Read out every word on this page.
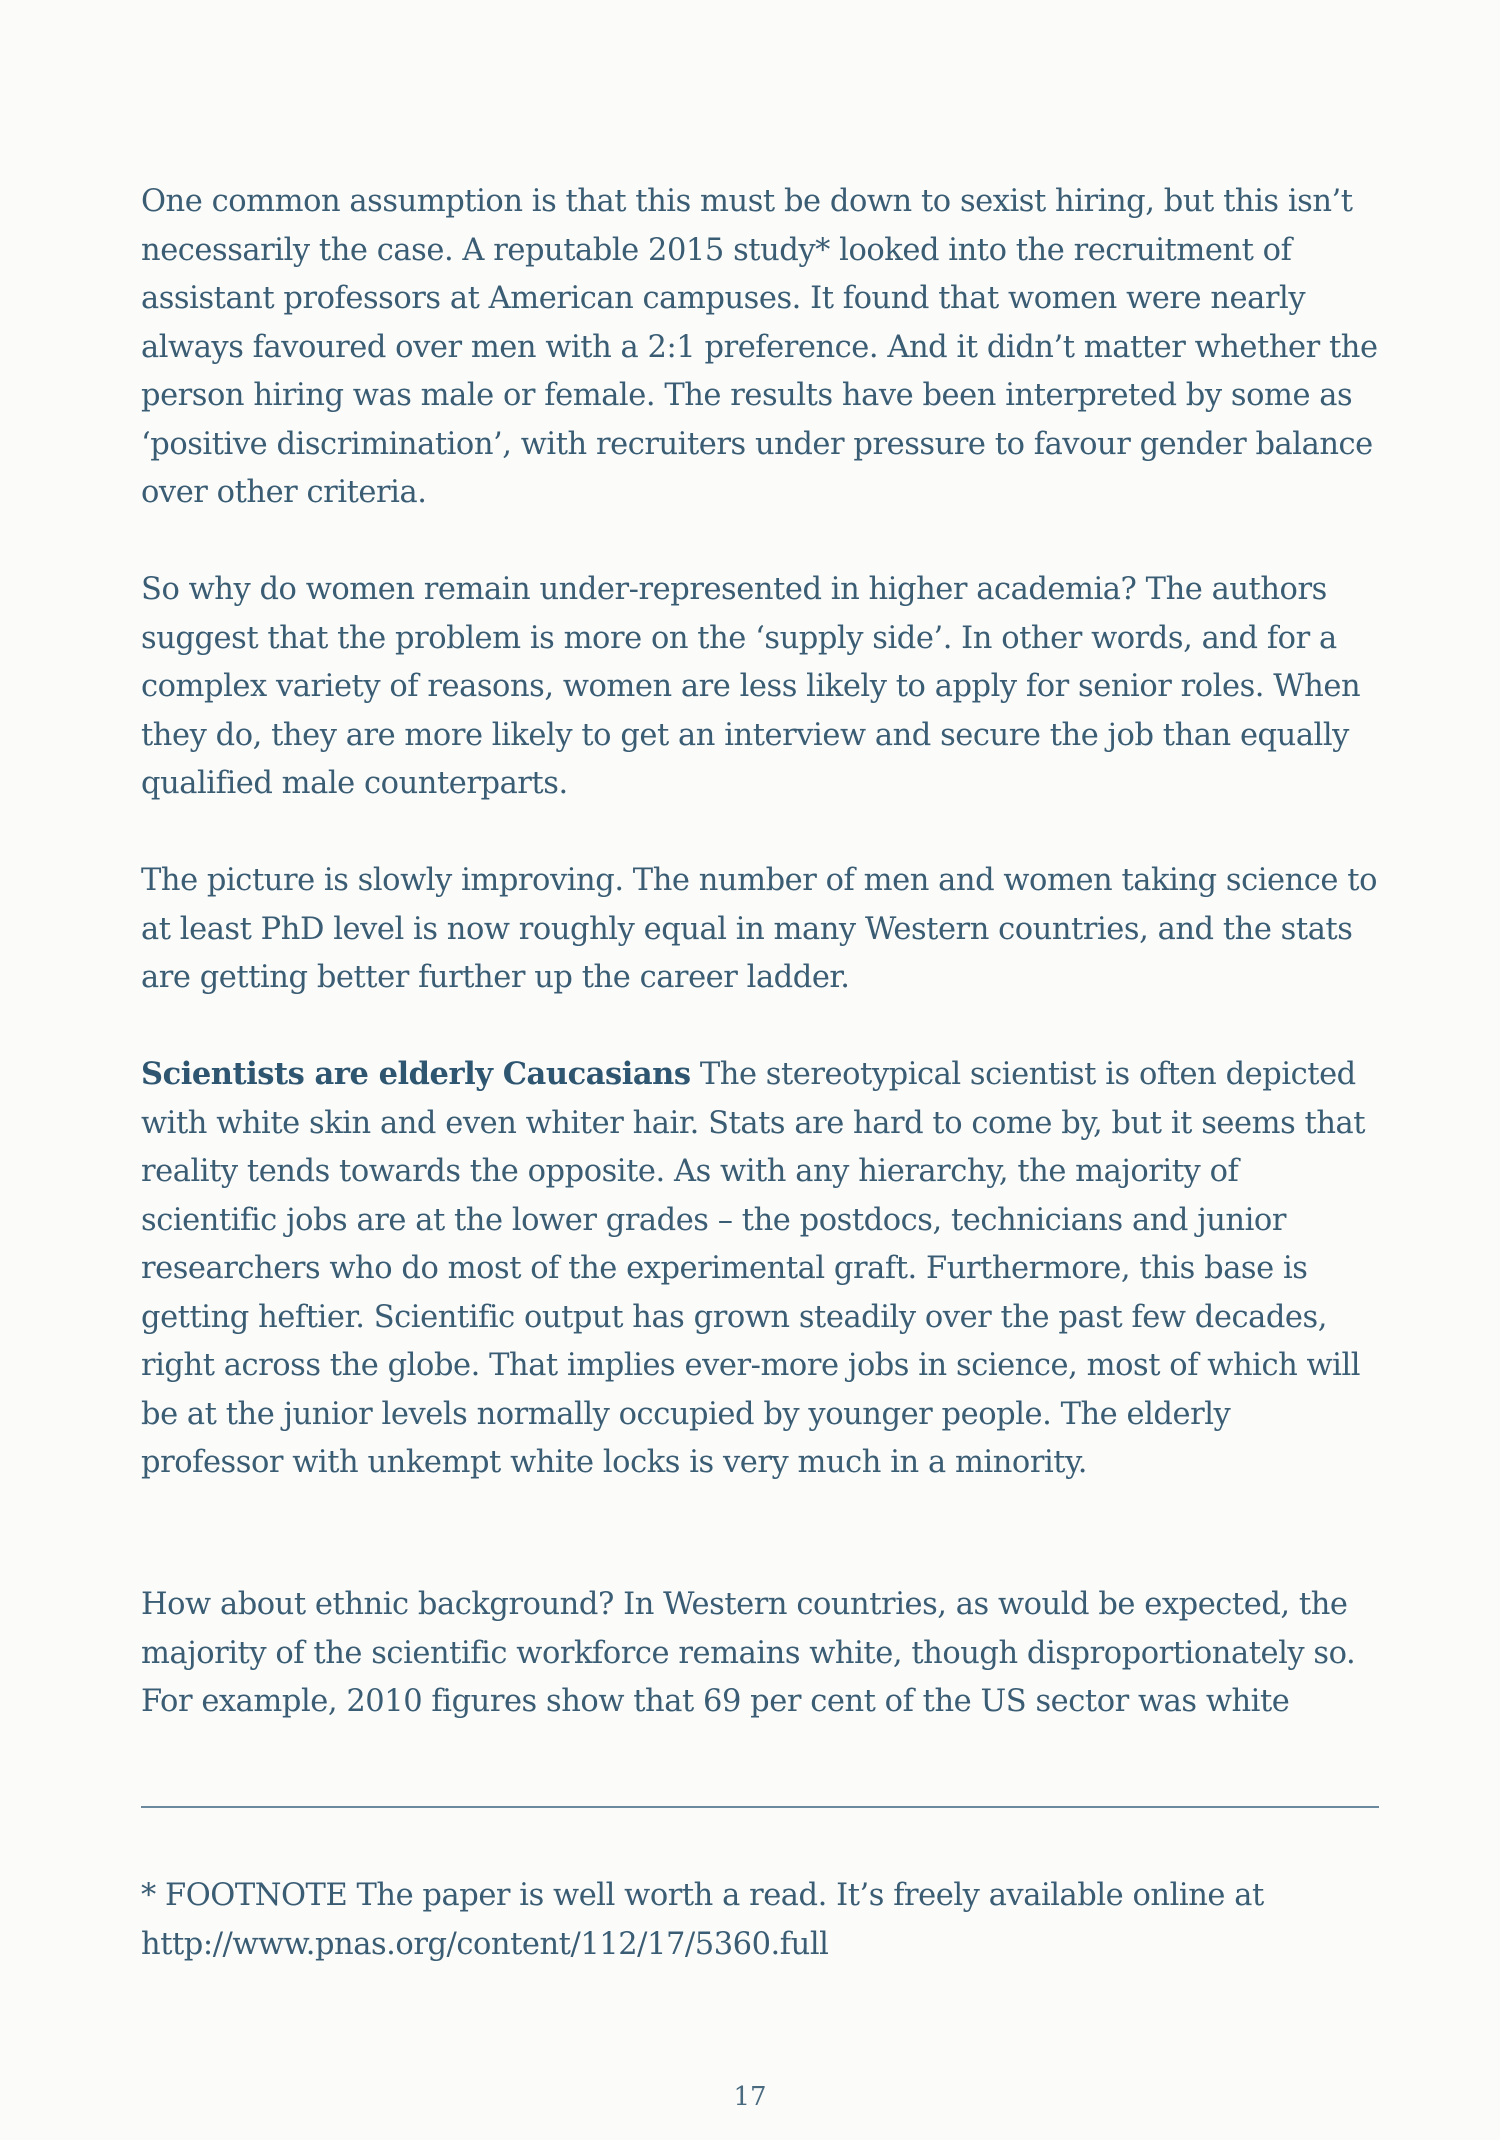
One common assumption is that this must be down to sexist hiring, but this isn’t necessarily the case. A reputable 2015 study* looked into the recruitment of assistant professors at American campuses. It found that women were nearly always favoured over men with a 2:1 preference. And it didn’t matter whether the person hiring was male or female. The results have been interpreted by some as ‘positive discrimination’, with recruiters under pressure to favour gender balance over other criteria.

So why do women remain under-represented in higher academia? The authors suggest that the problem is more on the ‘supply side’. In other words, and for a complex variety of reasons, women are less likely to apply for senior roles. When they do, they are more likely to get an interview and secure the job than equally qualified male counterparts.

The picture is slowly improving. The number of men and women taking science to at least PhD level is now roughly equal in many Western countries, and the stats are getting better further up the career ladder.

Scientists are elderly Caucasians The stereotypical scientist is often depicted with white skin and even whiter hair. Stats are hard to come by, but it seems that reality tends towards the opposite. As with any hierarchy, the majority of scientific jobs are at the lower grades – the postdocs, technicians and junior researchers who do most of the experimental graft. Furthermore, this base is getting heftier. Scientific output has grown steadily over the past few decades, right across the globe. That implies ever-more jobs in science, most of which will be at the junior levels normally occupied by younger people. The elderly professor with unkempt white locks is very much in a minority.

How about ethnic background? In Western countries, as would be expected, the majority of the scientific workforce remains white, though disproportionately so. For example, 2010 figures show that 69 per cent of the US sector was white

* FOOTNOTE The paper is well worth a read. It’s freely available online at http://www.pnas.org/content/112/17/5360.full

17
